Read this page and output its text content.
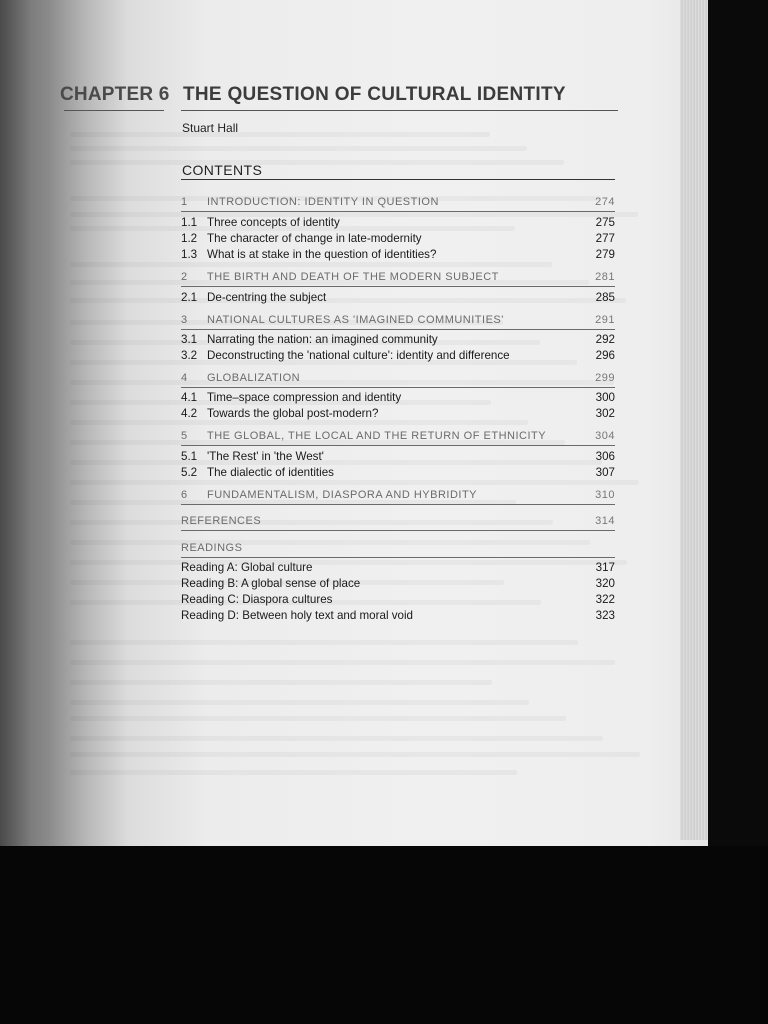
CHAPTER 6 THE QUESTION OF CULTURAL IDENTITY
Stuart Hall
CONTENTS
1	INTRODUCTION: IDENTITY IN QUESTION	274
1.1 Three concepts of identity	275
1.2 The character of change in late-modernity	277
1.3 What is at stake in the question of identities?	279
2	THE BIRTH AND DEATH OF THE MODERN SUBJECT	281
2.1 De-centring the subject	285
3	NATIONAL CULTURES AS 'IMAGINED COMMUNITIES'	291
3.1 Narrating the nation: an imagined community	292
3.2 Deconstructing the 'national culture': identity and difference	296
4	GLOBALIZATION	299
4.1 Time–space compression and identity	300
4.2 Towards the global post-modern?	302
5	THE GLOBAL, THE LOCAL AND THE RETURN OF ETHNICITY	304
5.1 'The Rest' in 'the West'	306
5.2 The dialectic of identities	307
6	FUNDAMENTALISM, DIASPORA AND HYBRIDITY	310
REFERENCES	314
READINGS
Reading A: Global culture	317
Reading B: A global sense of place	320
Reading C: Diaspora cultures	322
Reading D: Between holy text and moral void	323
